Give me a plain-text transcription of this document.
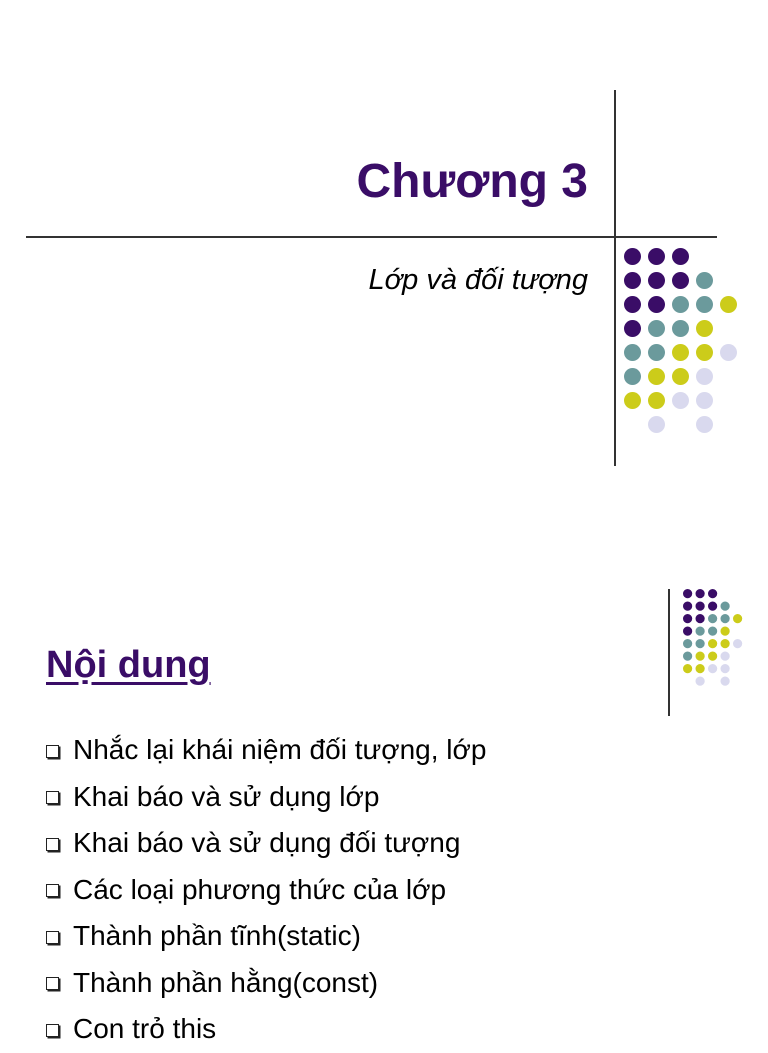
Chương 3
Lớp và đối tượng
Nội dung
Nhắc lại khái niệm đối tượng, lớp
Khai báo và sử dụng lớp
Khai báo và sử dụng đối tượng
Các loại phương thức của lớp
Thành phần tĩnh(static)
Thành phần hằng(const)
Con trỏ this
